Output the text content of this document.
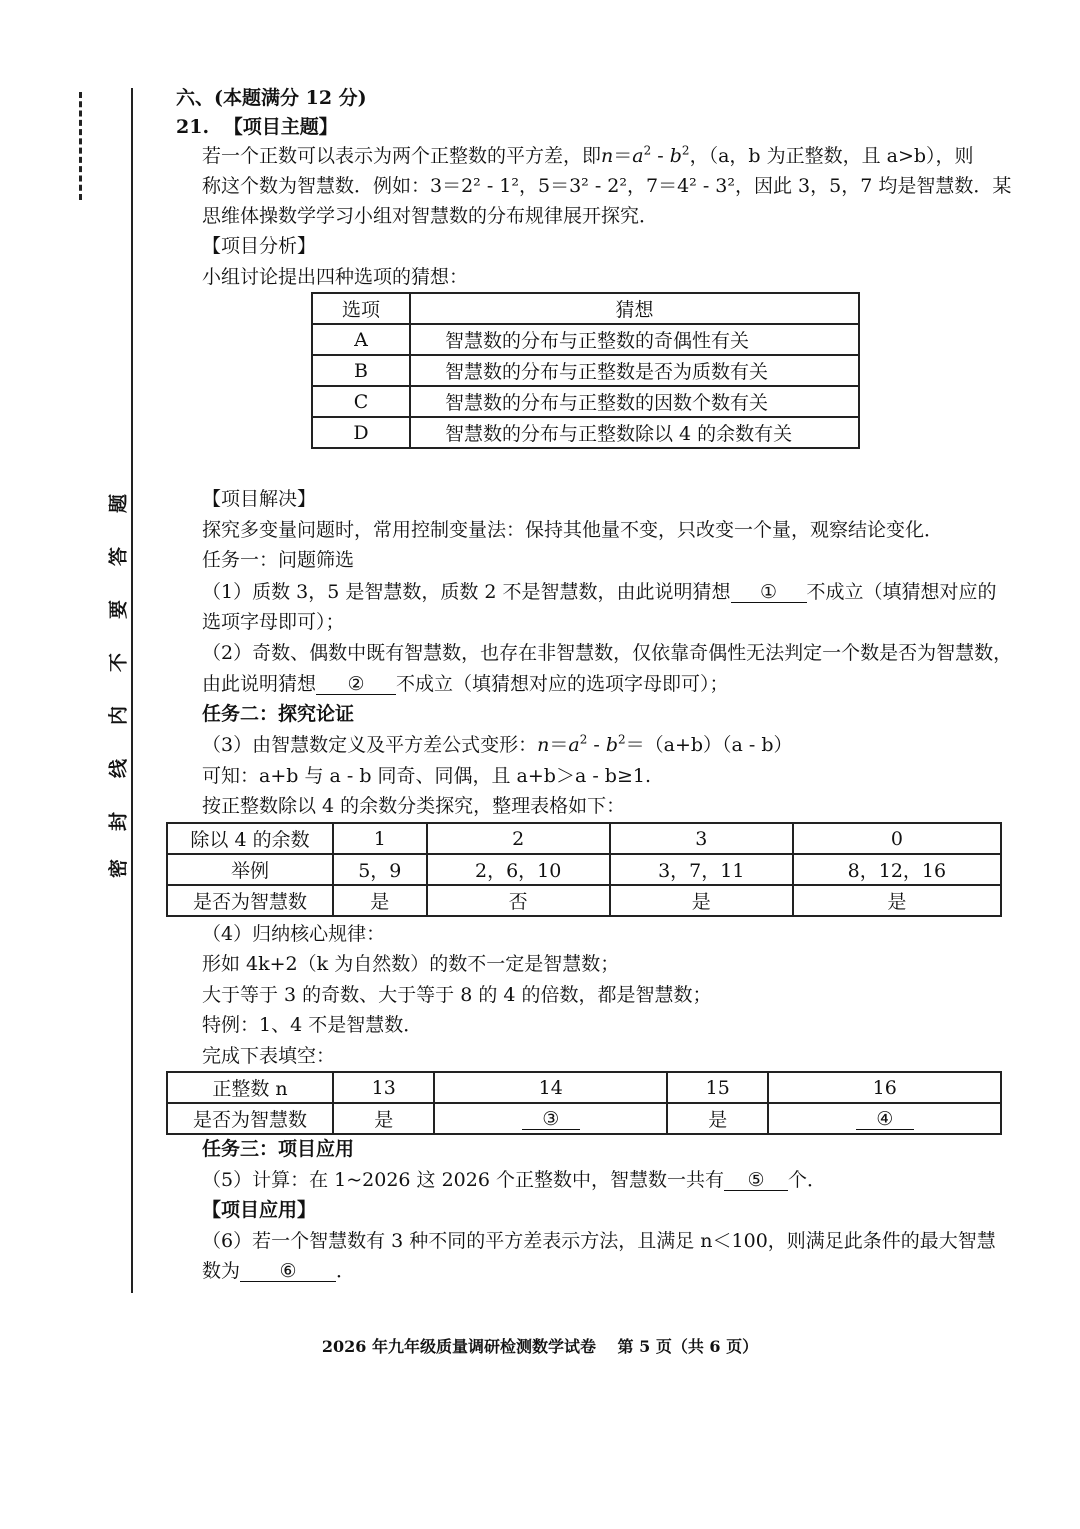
题
答
要
不
内
线
封
密
六、(本题满分 12 分)
21. 【项目主题】
若一个正数可以表示为两个正整数的平方差，即$n=a^2 - b^2$，（a，b 为正整数，且 a>b），则
称这个数为智慧数．例如：3＝2² - 1²，5＝3² - 2²，7＝4² - 3²，因此 3，5，7 均是智慧数．某
思维体操数学学习小组对智慧数的分布规律展开探究．
【项目分析】
小组讨论提出四种选项的猜想：
选项	猜想
A	智慧数的分布与正整数的奇偶性有关
B	智慧数的分布与正整数是否为质数有关
C	智慧数的分布与正整数的因数个数有关
D	智慧数的分布与正整数除以 4 的余数有关
【项目解决】
探究多变量问题时，常用控制变量法：保持其他量不变，只改变一个量，观察结论变化．
任务一：问题筛选
（1）质数 3，5 是智慧数，质数 2 不是智慧数，由此说明猜想 ① 不成立（填猜想对应的
选项字母即可）；
（2）奇数、偶数中既有智慧数，也存在非智慧数，仅依靠奇偶性无法判定一个数是否为智慧数，
由此说明猜想 ② 不成立（填猜想对应的选项字母即可）；
任务二：探究论证
（3）由智慧数定义及平方差公式变形：$n=a^2 - b^2=(a+b)(a - b)$
可知：a+b 与 a - b 同奇、同偶，且 a+b＞a - b≥1.
按正整数除以 4 的余数分类探究，整理表格如下：
除以 4 的余数	1	2	3	0
举例	5，9	2，6，10	3，7，11	8，12，16
是否为智慧数	是	否	是	是
（4）归纳核心规律：
形如 4k+2（k 为自然数）的数不一定是智慧数；
大于等于 3 的奇数、大于等于 8 的 4 的倍数，都是智慧数；
特例：1、4 不是智慧数．
完成下表填空：
正整数 n	13	14	15	16
是否为智慧数	是	③	是	④
任务三：项目应用
（5）计算：在 1~2026 这 2026 个正整数中，智慧数一共有 ⑤ 个．
【项目应用】
（6）若一个智慧数有 3 种不同的平方差表示方法，且满足 n＜100，则满足此条件的最大智慧
数为 ⑥ ．
2026 年九年级质量调研检测数学试卷　 第 5 页（共 6 页）
